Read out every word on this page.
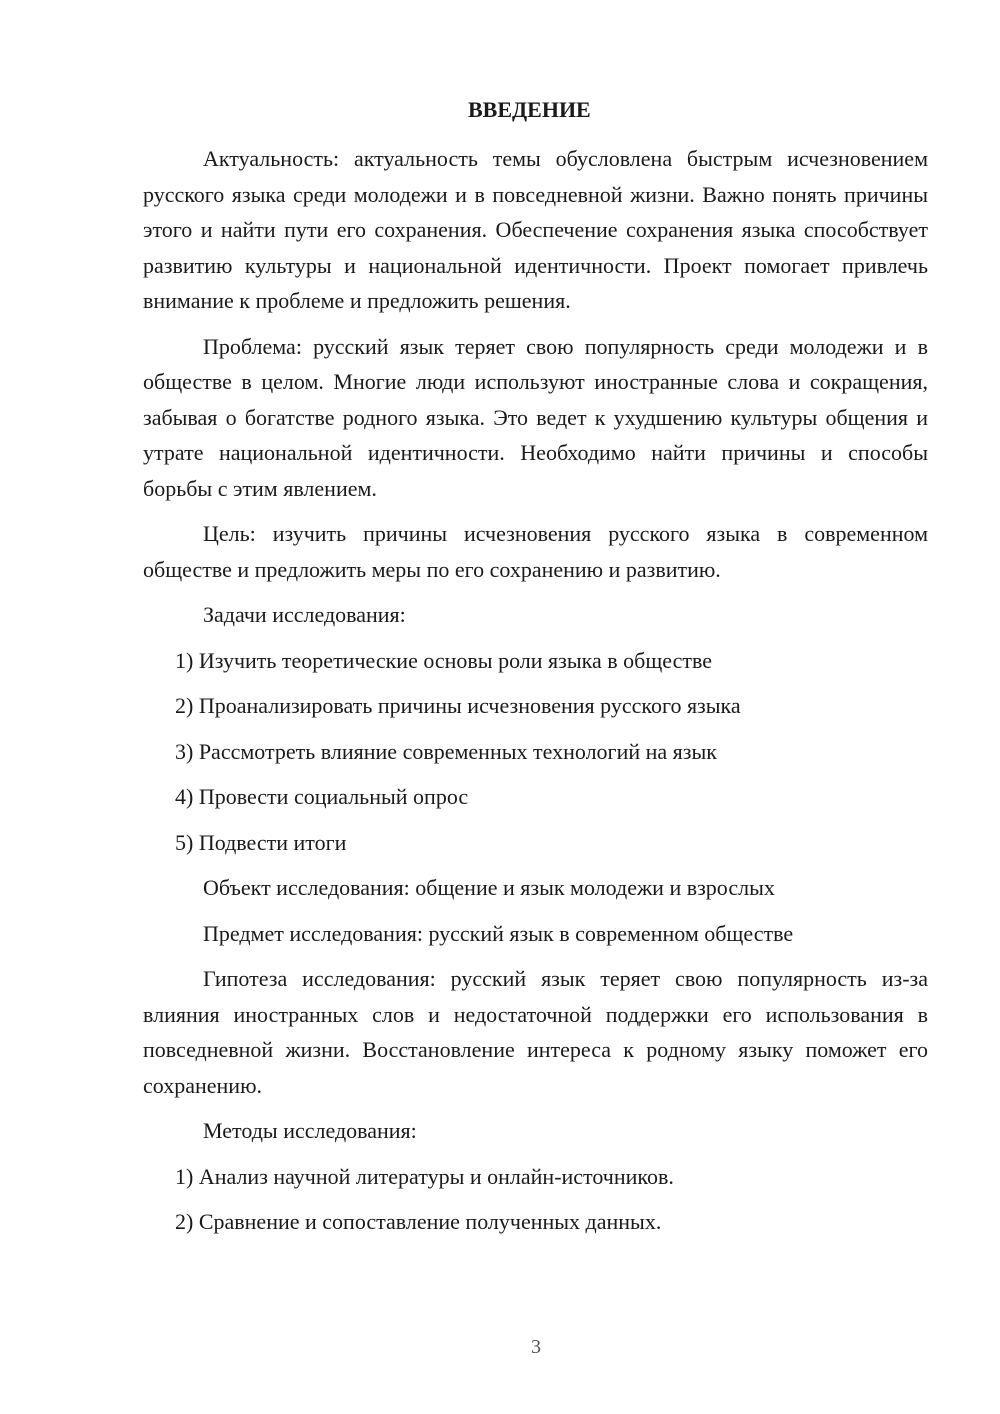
ВВЕДЕНИЕ

Актуальность: актуальность темы обусловлена быстрым исчезновением русского языка среди молодежи и в повседневной жизни. Важно понять причины этого и найти пути его сохранения. Обеспечение сохранения языка способствует развитию культуры и национальной идентичности. Проект помогает привлечь внимание к проблеме и предложить решения.

Проблема: русский язык теряет свою популярность среди молодежи и в обществе в целом. Многие люди используют иностранные слова и сокращения, забывая о богатстве родного языка. Это ведет к ухудшению культуры общения и утрате национальной идентичности. Необходимо найти причины и способы борьбы с этим явлением.

Цель: изучить причины исчезновения русского языка в современном обществе и предложить меры по его сохранению и развитию.

Задачи исследования:

1) Изучить теоретические основы роли языка в обществе

2) Проанализировать причины исчезновения русского языка

3) Рассмотреть влияние современных технологий на язык

4) Провести социальный опрос

5) Подвести итоги

Объект исследования: общение и язык молодежи и взрослых

Предмет исследования: русский язык в современном обществе

Гипотеза исследования: русский язык теряет свою популярность из-за влияния иностранных слов и недостаточной поддержки его использования в повседневной жизни. Восстановление интереса к родному языку поможет его сохранению.

Методы исследования:

1) Анализ научной литературы и онлайн-источников.

2) Сравнение и сопоставление полученных данных.

3
